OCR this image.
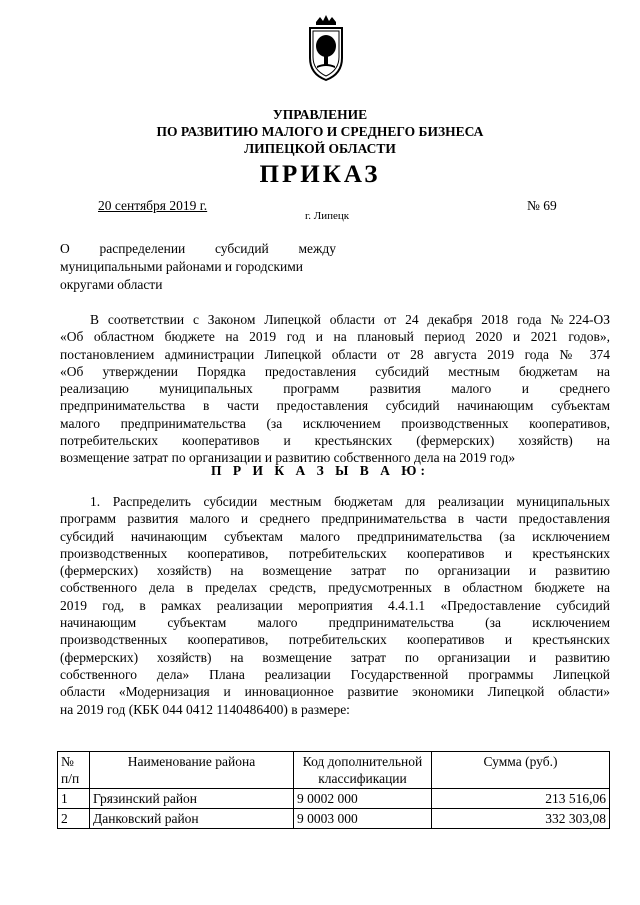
УПРАВЛЕНИЕ
ПО РАЗВИТИЮ МАЛОГО И СРЕДНЕГО БИЗНЕСА
ЛИПЕЦКОЙ ОБЛАСТИ
ПРИКАЗ
20 сентября 2019 г.	№ 69
г. Липецк
О распределении субсидий между
муниципальными районами и городскими
округами области
В соответствии с Законом Липецкой области от 24 декабря 2018 года №224-ОЗ
«Об областном бюджете на 2019 год и на плановый период 2020 и 2021 годов»,
постановлением администрации Липецкой области от 28 августа 2019 года № 374
«Об утверждении Порядка предоставления субсидий местным бюджетам на
реализацию муниципальных программ развития малого и среднего
предпринимательства в части предоставления субсидий начинающим субъектам
малого предпринимательства (за исключением производственных кооперативов,
потребительских кооперативов и крестьянских (фермерских) хозяйств) на
возмещение затрат по организации и развитию собственного дела на 2019 год»
П Р И К А З Ы В А Ю:
1. Распределить субсидии местным бюджетам для реализации муниципальных
программ развития малого и среднего предпринимательства в части предоставления
субсидий начинающим субъектам малого предпринимательства (за исключением
производственных кооперативов, потребительских кооперативов и крестьянских
(фермерских) хозяйств) на возмещение затрат по организации и развитию
собственного дела в пределах средств, предусмотренных в областном бюджете на
2019 год, в рамках реализации мероприятия 4.4.1.1 «Предоставление субсидий
начинающим субъектам малого предпринимательства (за исключением
производственных кооперативов, потребительских кооперативов и крестьянских
(фермерских) хозяйств) на возмещение затрат по организации и развитию
собственного дела» Плана реализации Государственной программы Липецкой
области «Модернизация и инновационное развитие экономики Липецкой области»
на 2019 год (КБК 044 0412 1140486400) в размере:
№ п/п	Наименование района	Код дополнительной классификации	Сумма (руб.)
1	Грязинский район	9 0002 000	213 516,06
2	Данковский район	9 0003 000	332 303,08
